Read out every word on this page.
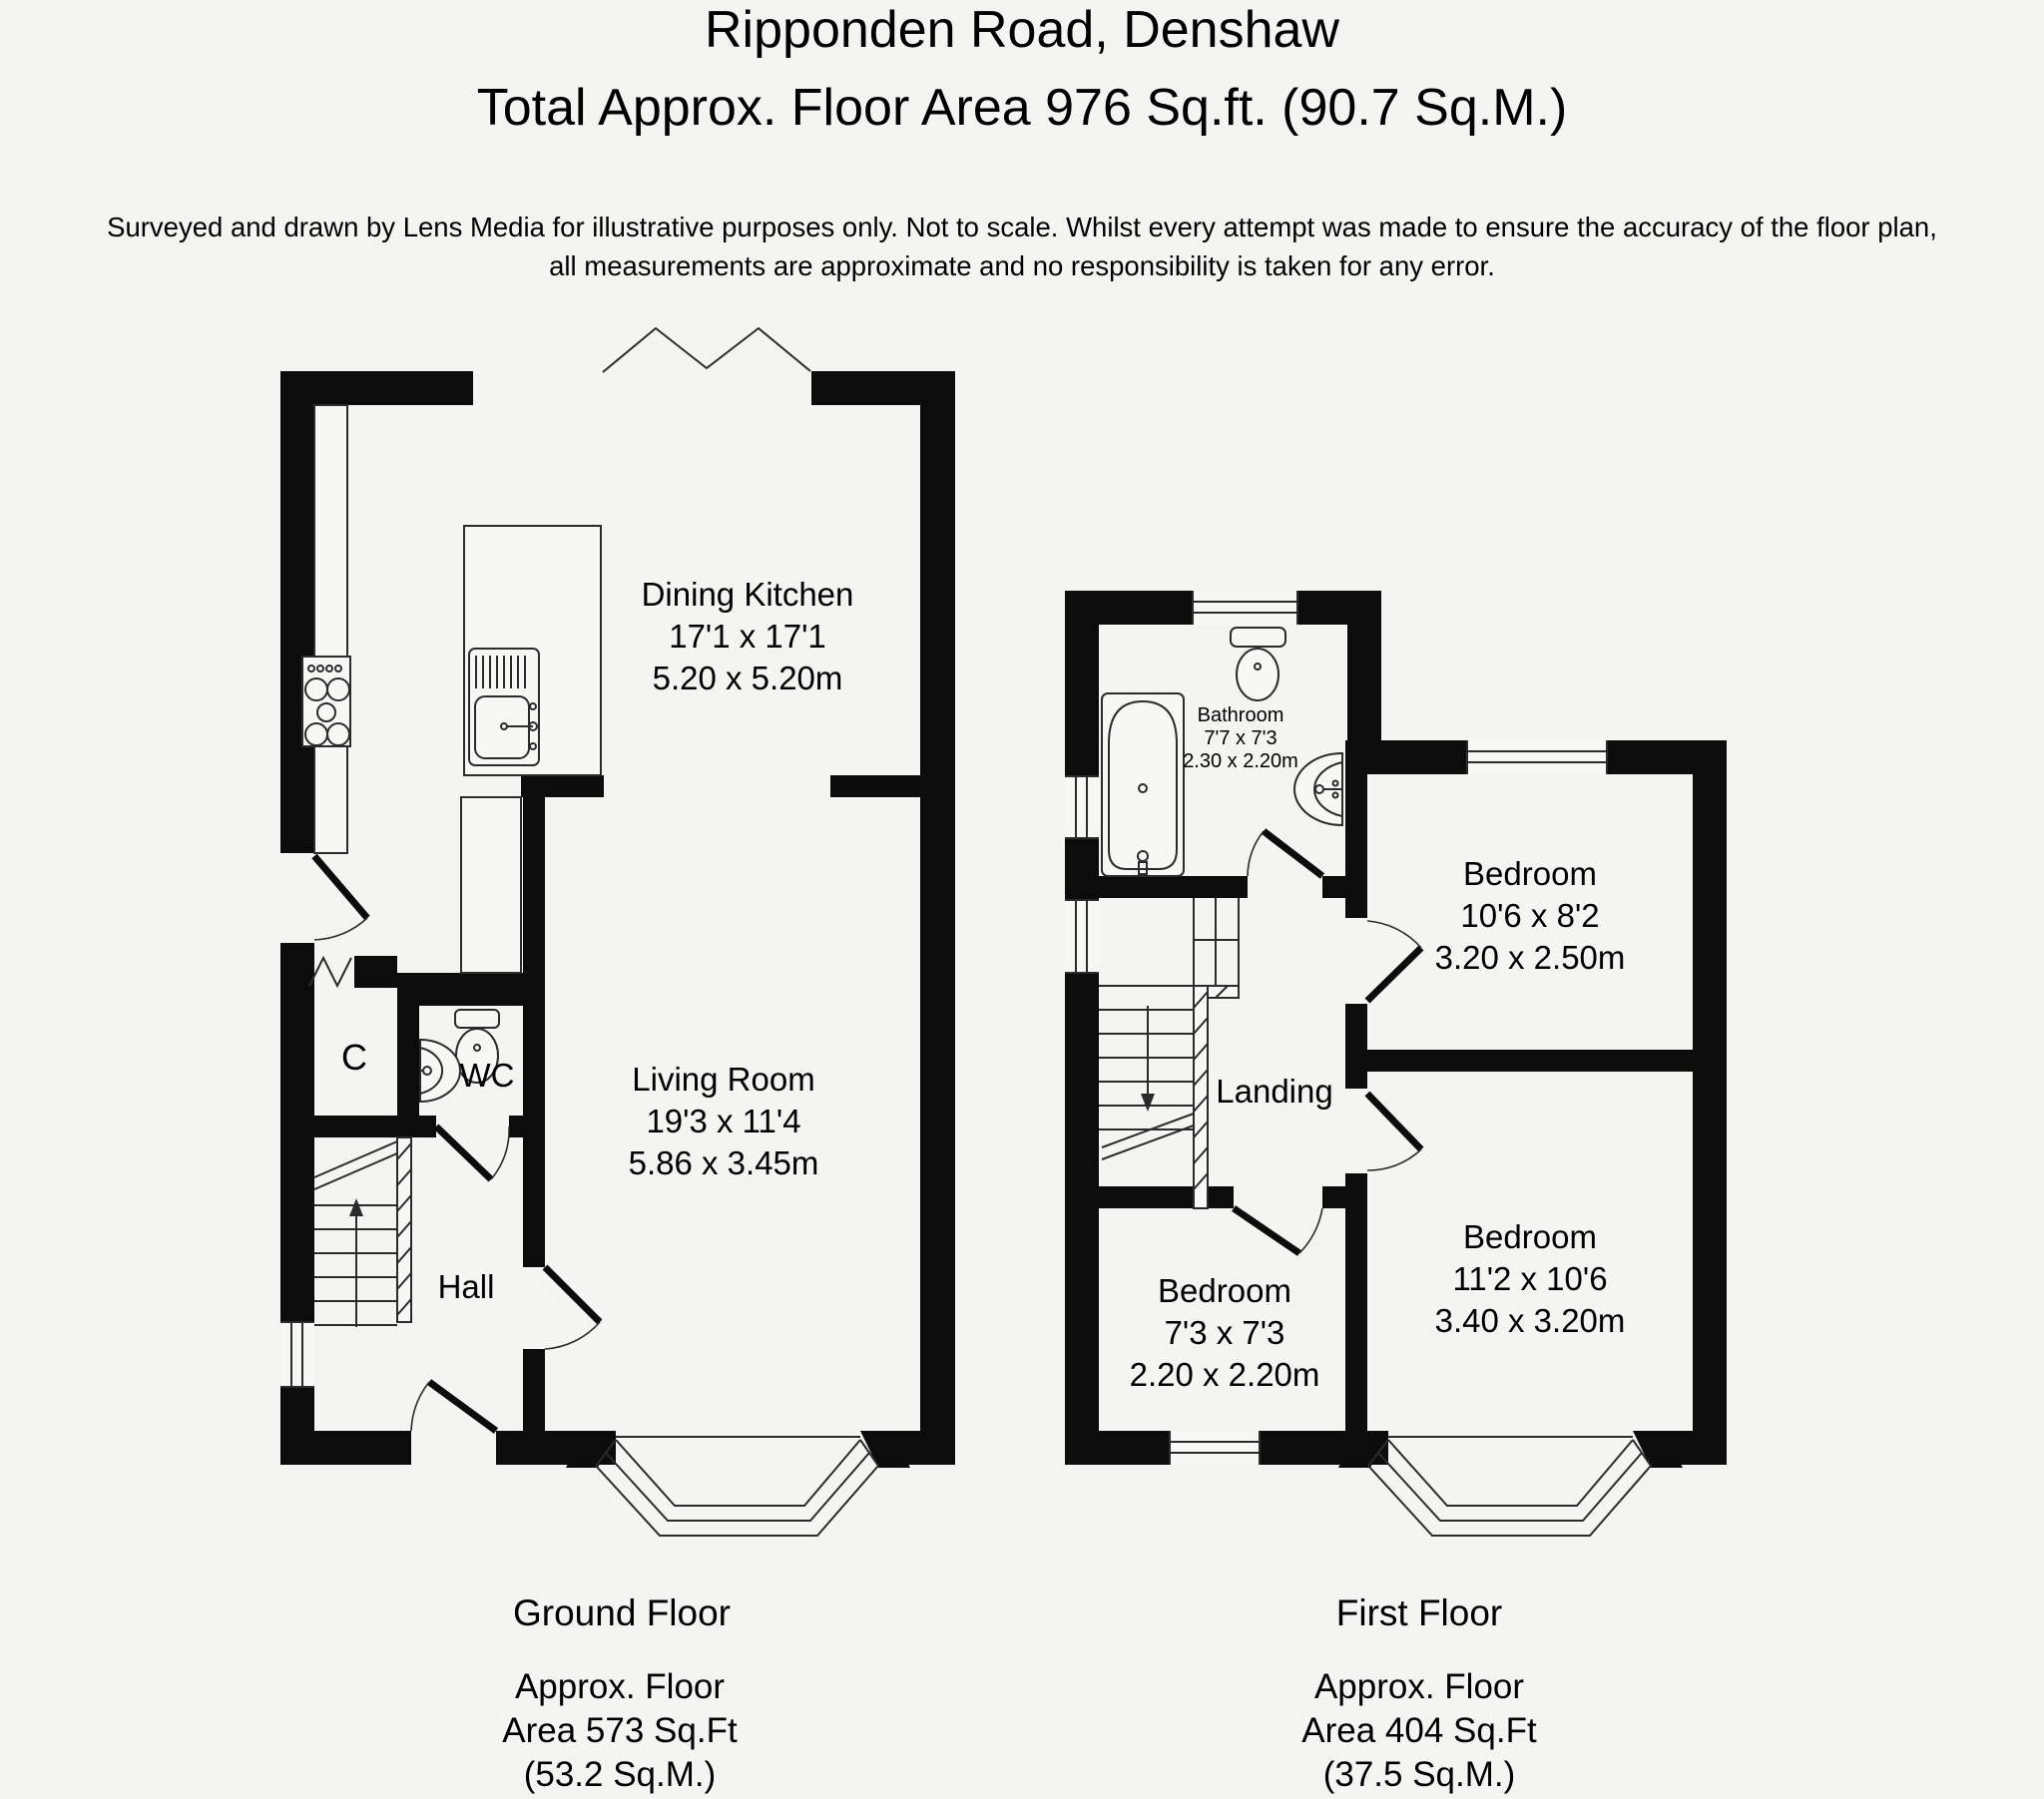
Ripponden Road, Denshaw
Total Approx. Floor Area 976 Sq.ft. (90.7 Sq.M.)
Surveyed and drawn by Lens Media for illustrative purposes only. Not to scale. Whilst every attempt was made to ensure the accuracy of the floor plan,
all measurements are approximate and no responsibility is taken for any error.
Dining Kitchen
17'1 x 17'1
5.20 x 5.20m
Living Room
19'3 x 11'4
5.86 x 3.45m
C	WC
Hall
Ground Floor
Approx. Floor
Area 573 Sq.Ft
(53.2 Sq.M.)
Bathroom
7'7 x 7'3
2.30 x 2.20m
Bedroom
10'6 x 8'2
3.20 x 2.50m
Landing
Bedroom
11'2 x 10'6
3.40 x 3.20m
Bedroom
7'3 x 7'3
2.20 x 2.20m
First Floor
Approx. Floor
Area 404 Sq.Ft
(37.5 Sq.M.)
